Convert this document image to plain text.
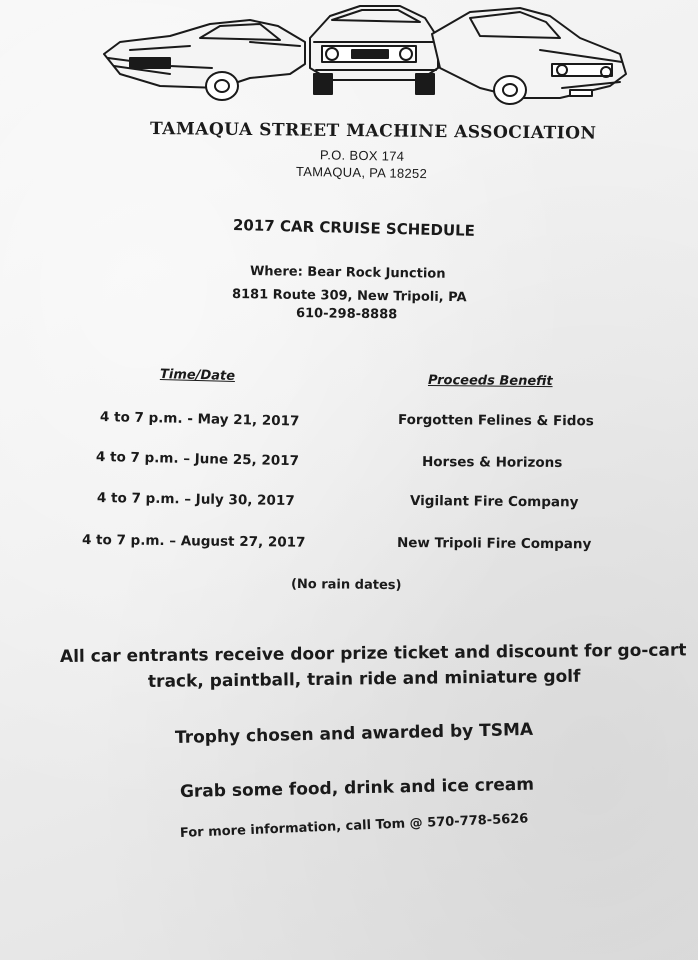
TAMAQUA STREET MACHINE ASSOCIATION
P.O. BOX 174
TAMAQUA, PA 18252
2017 CAR CRUISE SCHEDULE
Where: Bear Rock Junction
8181 Route 309, New Tripoli, PA
610-298-8888
Time/Date	Proceeds Benefit
4 to 7 p.m. - May 21, 2017	Forgotten Felines & Fidos
4 to 7 p.m. – June 25, 2017	Horses & Horizons
4 to 7 p.m. – July 30, 2017	Vigilant Fire Company
4 to 7 p.m. – August 27, 2017	New Tripoli Fire Company
(No rain dates)
All car entrants receive door prize ticket and discount for go-cart
track, paintball, train ride and miniature golf
Trophy chosen and awarded by TSMA
Grab some food, drink and ice cream
For more information, call Tom @ 570-778-5626
